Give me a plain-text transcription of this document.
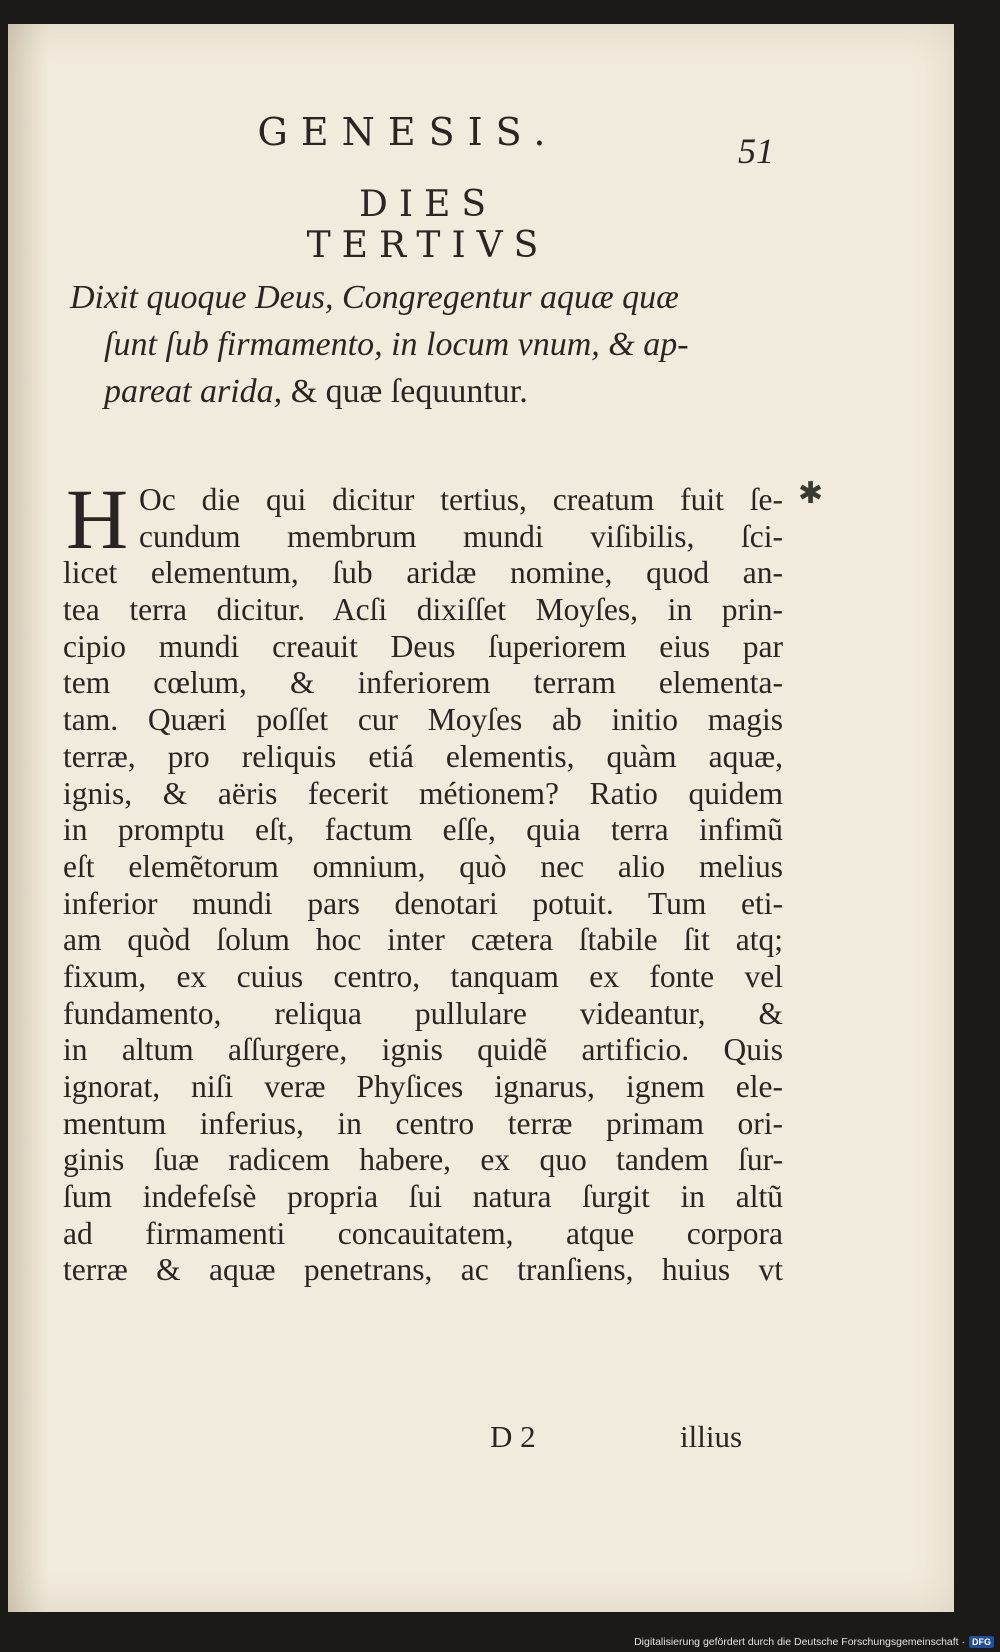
GENESIS.	51
DIES TERTIVS
Dixit quoque Deus, Congregentur aquæ quæ
ſunt ſub firmamento, in locum vnum, & ap-
pareat arida, & quæ ſequuntur.
✱
H Oc die qui dicitur tertius, creatum fuit ſe-
cundum membrum mundi viſibilis, ſci-
licet elementum, ſub aridæ nomine, quod an-
tea terra dicitur. Acſi dixiſſet Moyſes, in prin-
cipio mundi creauit Deus ſuperiorem eius par
tem cœlum, & inferiorem terram elementa-
tam. Quæri poſſet cur Moyſes ab initio magis
terræ, pro reliquis etiá elementis, quàm aquæ,
ignis, & aëris fecerit métionem? Ratio quidem
in promptu eſt, factum eſſe, quia terra infimũ
eſt elemẽtorum omnium, quò nec alio melius
inferior mundi pars denotari potuit. Tum eti-
am quòd ſolum hoc inter cætera ſtabile ſit atq;
fixum, ex cuius centro, tanquam ex fonte vel
fundamento, reliqua pullulare videantur, &
in altum aſſurgere, ignis quidẽ artificio. Quis
ignorat, niſi veræ Phyſices ignarus, ignem ele-
mentum inferius, in centro terræ primam ori-
ginis ſuæ radicem habere, ex quo tandem ſur-
ſum indefeſsè propria ſui natura ſurgit in altũ
ad firmamenti concauitatem, atque corpora
terræ & aquæ penetrans, ac tranſiens, huius vt
D 2	illius
Digitalisierung gefördert durch die Deutsche Forschungsgemeinschaft · DFG
